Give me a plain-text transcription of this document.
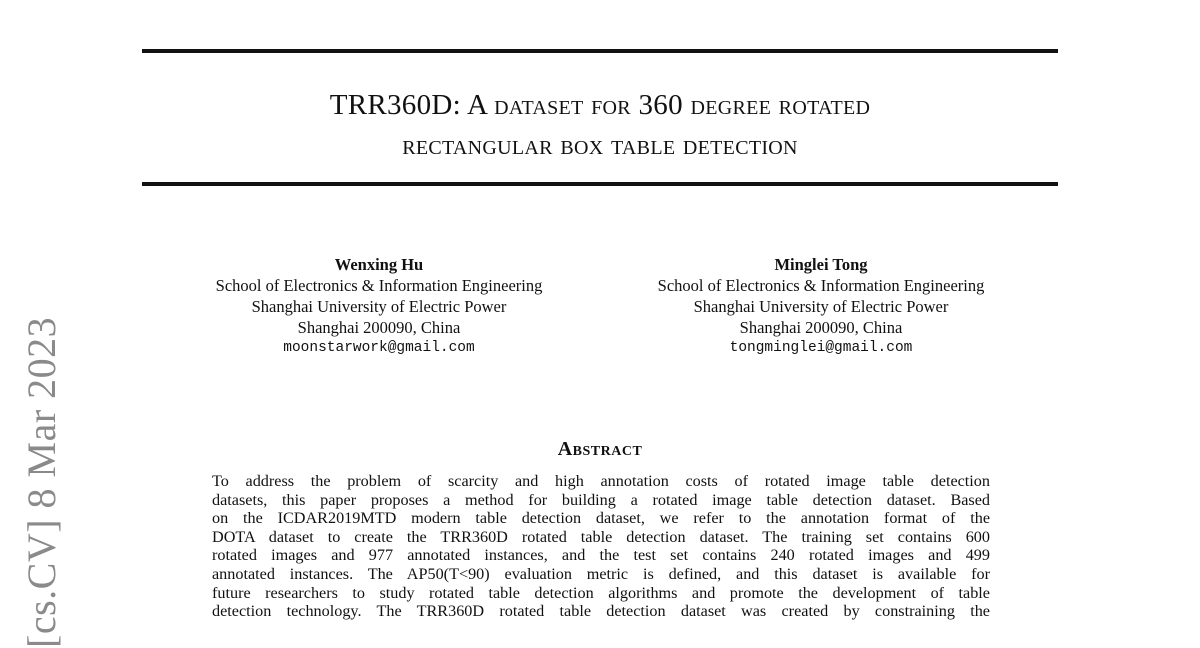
TRR360D: A dataset for 360 degree rotated
rectangular box table detection
Wenxing Hu
School of Electronics & Information Engineering
Shanghai University of Electric Power
Shanghai 200090, China
moonstarwork@gmail.com
Minglei Tong
School of Electronics & Information Engineering
Shanghai University of Electric Power
Shanghai 200090, China
tongminglei@gmail.com
Abstract
To address the problem of scarcity and high annotation costs of rotated image table detection
datasets, this paper proposes a method for building a rotated image table detection dataset. Based
on the ICDAR2019MTD modern table detection dataset, we refer to the annotation format of the
DOTA dataset to create the TRR360D rotated table detection dataset. The training set contains 600
rotated images and 977 annotated instances, and the test set contains 240 rotated images and 499
annotated instances. The AP50(T<90) evaluation metric is defined, and this dataset is available for
future researchers to study rotated table detection algorithms and promote the development of table
detection technology. The TRR360D rotated table detection dataset was created by constraining the
[cs.CV] 8 Mar 2023
